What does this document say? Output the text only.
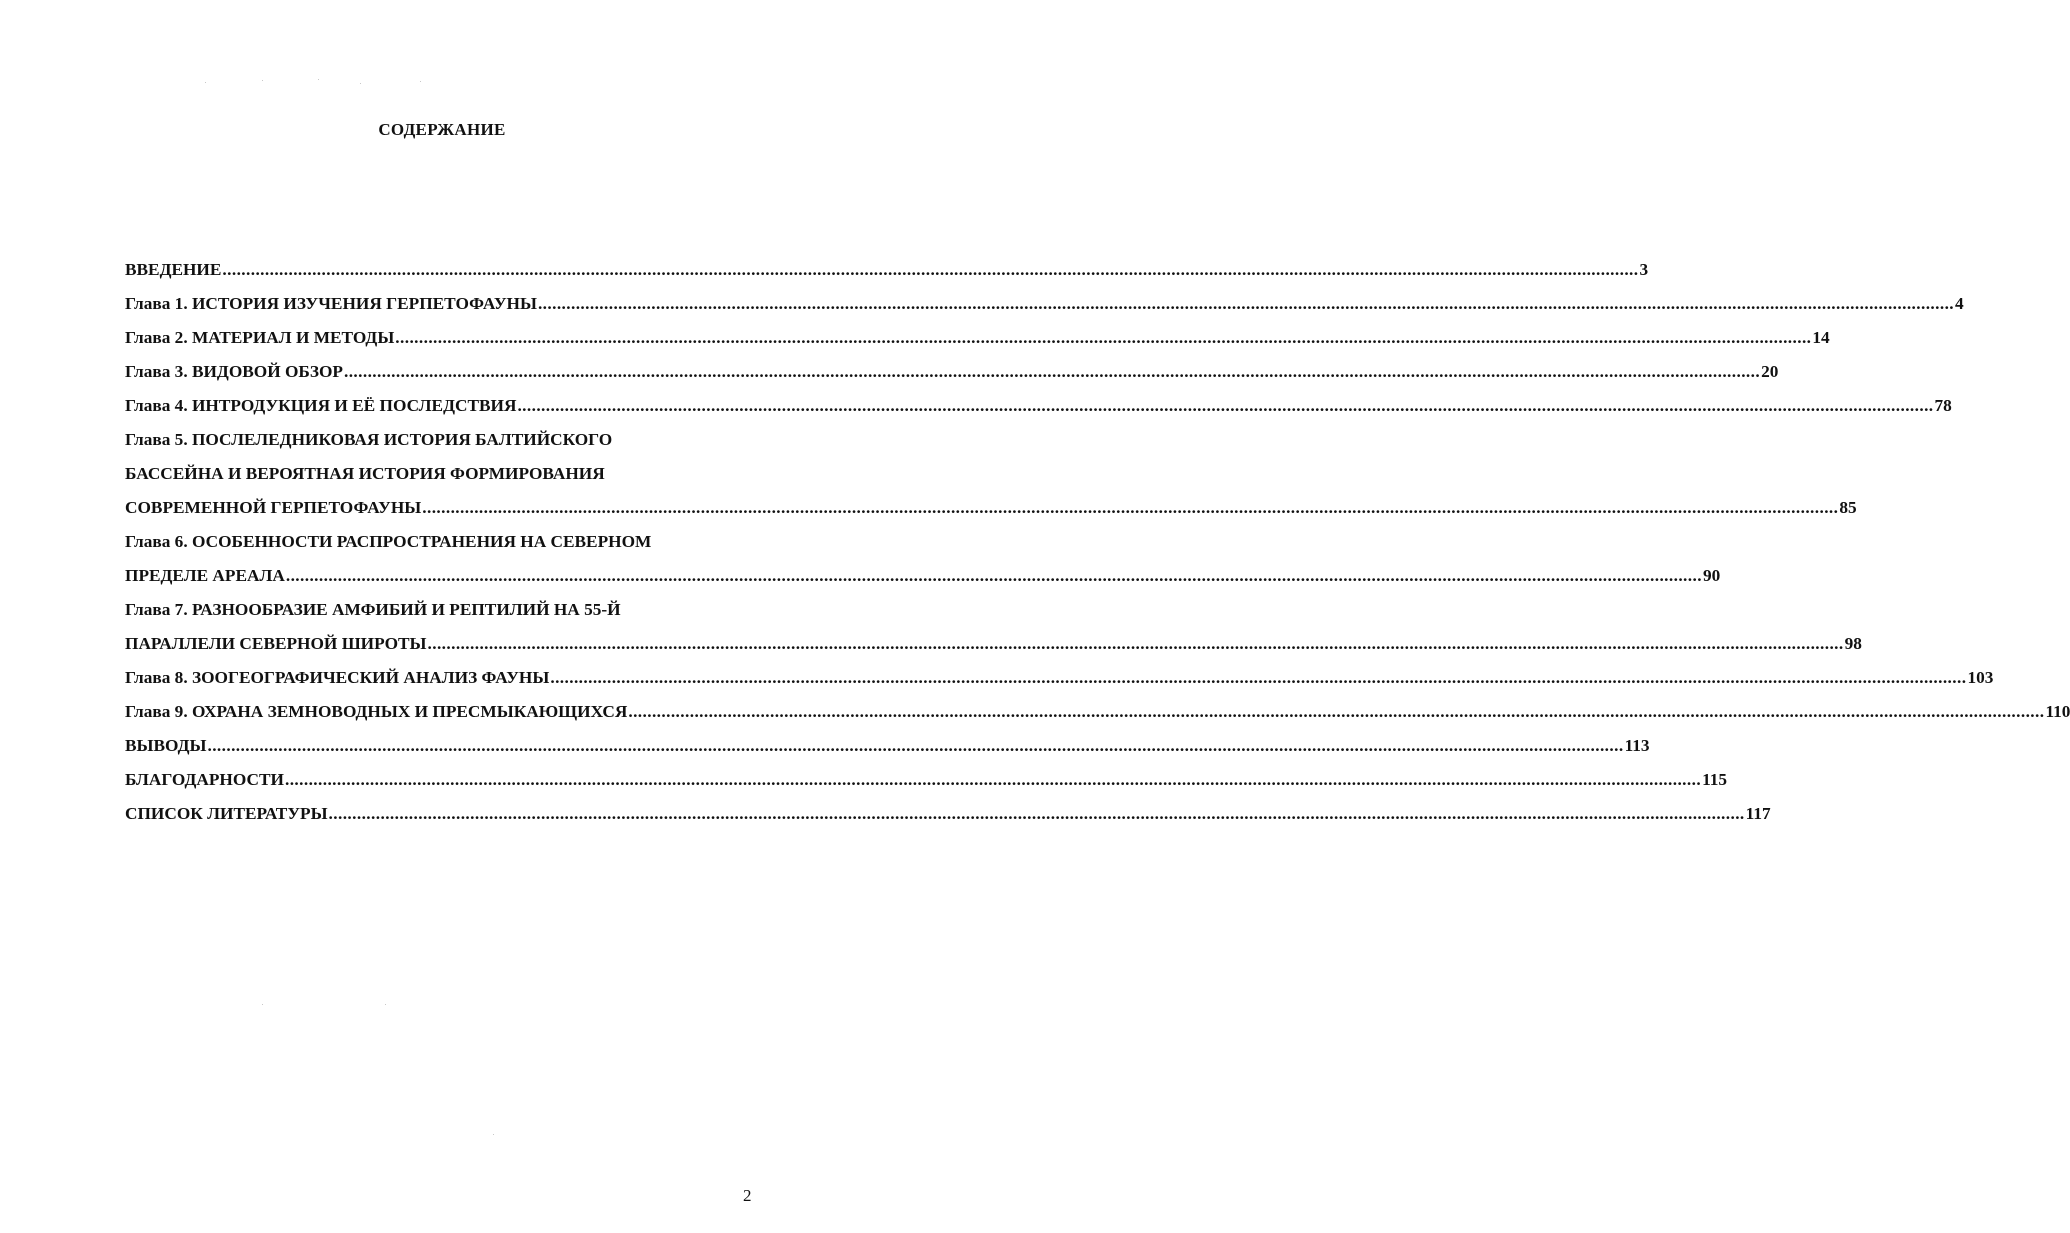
СОДЕРЖАНИЕ
ВВЕДЕНИЕ ............................................................................................................................................................................................................................................................................................................ 3
Глава 1. ИСТОРИЯ ИЗУЧЕНИЯ ГЕРПЕТОФАУНЫ ............................................................................................................................................................................................................................................................................................................ 4
Глава 2. МАТЕРИАЛ И МЕТОДЫ ............................................................................................................................................................................................................................................................................................................ 14
Глава 3. ВИДОВОЙ ОБЗОР ............................................................................................................................................................................................................................................................................................................ 20
Глава 4. ИНТРОДУКЦИЯ И ЕЁ ПОСЛЕДСТВИЯ ............................................................................................................................................................................................................................................................................................................ 78
Глава 5. ПОСЛЕЛЕДНИКОВАЯ ИСТОРИЯ БАЛТИЙСКОГО
БАССЕЙНА И ВЕРОЯТНАЯ ИСТОРИЯ ФОРМИРОВАНИЯ
СОВРЕМЕННОЙ ГЕРПЕТОФАУНЫ ............................................................................................................................................................................................................................................................................................................ 85
Глава 6. ОСОБЕННОСТИ РАСПРОСТРАНЕНИЯ НА СЕВЕРНОМ
ПРЕДЕЛЕ АРЕАЛА ............................................................................................................................................................................................................................................................................................................ 90
Глава 7. РАЗНООБРАЗИЕ АМФИБИЙ И РЕПТИЛИЙ НА 55-Й
ПАРАЛЛЕЛИ СЕВЕРНОЙ ШИРОТЫ ............................................................................................................................................................................................................................................................................................................ 98
Глава 8. ЗООГЕОГРАФИЧЕСКИЙ АНАЛИЗ ФАУНЫ ............................................................................................................................................................................................................................................................................................................ 103
Глава 9. ОХРАНА ЗЕМНОВОДНЫХ И ПРЕСМЫКАЮЩИХСЯ ............................................................................................................................................................................................................................................................................................................ 110
ВЫВОДЫ ............................................................................................................................................................................................................................................................................................................ 113
БЛАГОДАРНОСТИ ............................................................................................................................................................................................................................................................................................................ 115
СПИСОК ЛИТЕРАТУРЫ ............................................................................................................................................................................................................................................................................................................ 117
2
